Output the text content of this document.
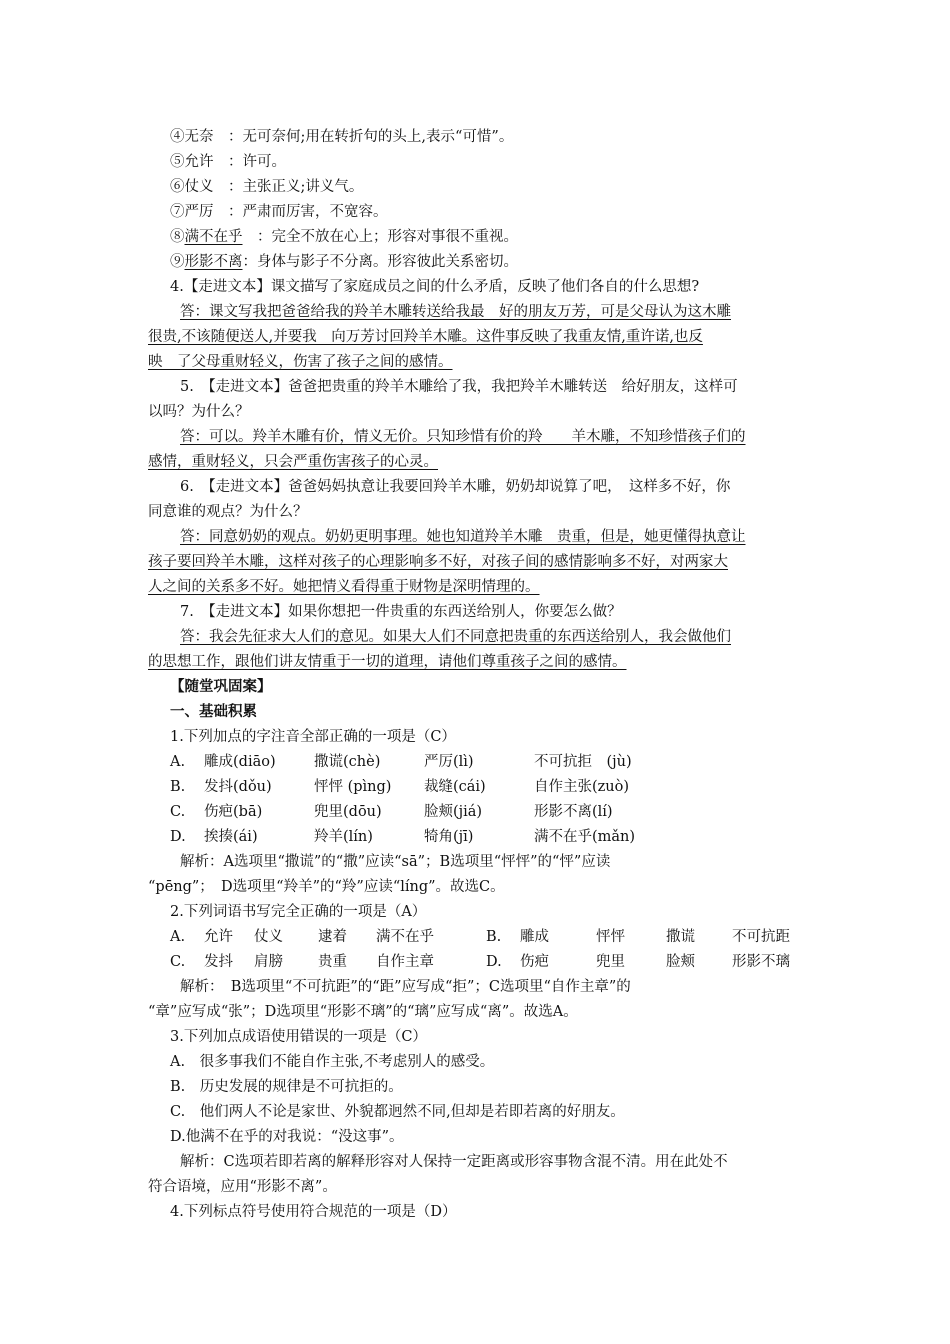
④无奈　 ：无可奈何;用在转折句的头上,表示“可惜”。
⑤允许　 ：许可。
⑥仗义　 ：主张正义;讲义气。
⑦严厉　 ：严肃而厉害，不宽容。
⑧满不在乎　 ：完全不放在心上；形容对事很不重视。
⑨形影不离：身体与影子不分离。形容彼此关系密切。
4.【走进文本】课文描写了家庭成员之间的什么矛盾，反映了他们各自的什么思想?
答：课文写我把爸爸给我的羚羊木雕转送给我最　好的朋友万芳，可是父母认为这木雕
很贵,不该随便送人,并要我　向万芳讨回羚羊木雕。这件事反映了我重友情,重许诺,也反
映　了父母重财轻义，伤害了孩子之间的感情。
5.　【走进文本】爸爸把贵重的羚羊木雕给了我，我把羚羊木雕转送　给好朋友，这样可
以吗？为什么？
答：可以。羚羊木雕有价，情义无价。只知珍惜有价的羚　　羊木雕，不知珍惜孩子们的
感情，重财轻义，只会严重伤害孩子的心灵。
6.　【走进文本】爸爸妈妈执意让我要回羚羊木雕，奶奶却说算了吧，　这样多不好，你
同意谁的观点？为什么？
答：同意奶奶的观点。奶奶更明事理。她也知道羚羊木雕　贵重，但是，她更懂得执意让
孩子要回羚羊木雕，这样对孩子的心理影响多不好，对孩子间的感情影响多不好，对两家大
人之间的关系多不好。她把情义看得重于财物是深明情理的。
7.　【走进文本】如果你想把一件贵重的东西送给别人，你要怎么做？
答：我会先征求大人们的意见。如果大人们不同意把贵重的东西送给别人，我会做他们
的思想工作，跟他们讲友情重于一切的道理，请他们尊重孩子之间的感情。
【随堂巩固案】
一、基础积累
1.下列加点的字注音全部正确的一项是（C）
A. 雕成(diāo)	撒谎(chè)	严厉(lì)	不可抗拒　(jù)
B. 发抖(dǒu)	怦怦 (pìng) 裁缝(cái)	自作主张(zuò)
C. 伤疤(bā)	兜里(dōu)	脸颊(jiá)	形影不离(lí)
D. 挨揍(ái)	羚羊(lín)	犄角(jī)	满不在乎(mǎn)
解析：A选项里“撒谎”的“撒”应读“sā”；B选项里“怦怦”的“怦”应读
“pēng”；　D选项里“羚羊”的“羚”应读“líng”。故选C。
2.下列词语书写完全正确的一项是（A）
A. 允许 仗义 逮着 满不在乎	B. 雕成	怦怦	撒谎	不可抗距
C. 发抖 肩膀 贵重 自作主章	D. 伤疤	兜里	脸颊	形影不璃
解析：　B选项里“不可抗距”的“距”应写成“拒”；C选项里“自作主章”的
“章”应写成“张”；D选项里“形影不璃”的“璃”应写成“离”。故选A。
3.下列加点成语使用错误的一项是（C）
A.　很多事我们不能自作主张,不考虑别人的感受。
B.　历史发展的规律是不可抗拒的。
C.　他们两人不论是家世、外貌都迥然不同,但却是若即若离的好朋友。
D.他满不在乎的对我说：“没这事”。
解析：C选项若即若离的解释形容对人保持一定距离或形容事物含混不清。用在此处不
符合语境，应用“形影不离”。
4.下列标点符号使用符合规范的一项是（D）
